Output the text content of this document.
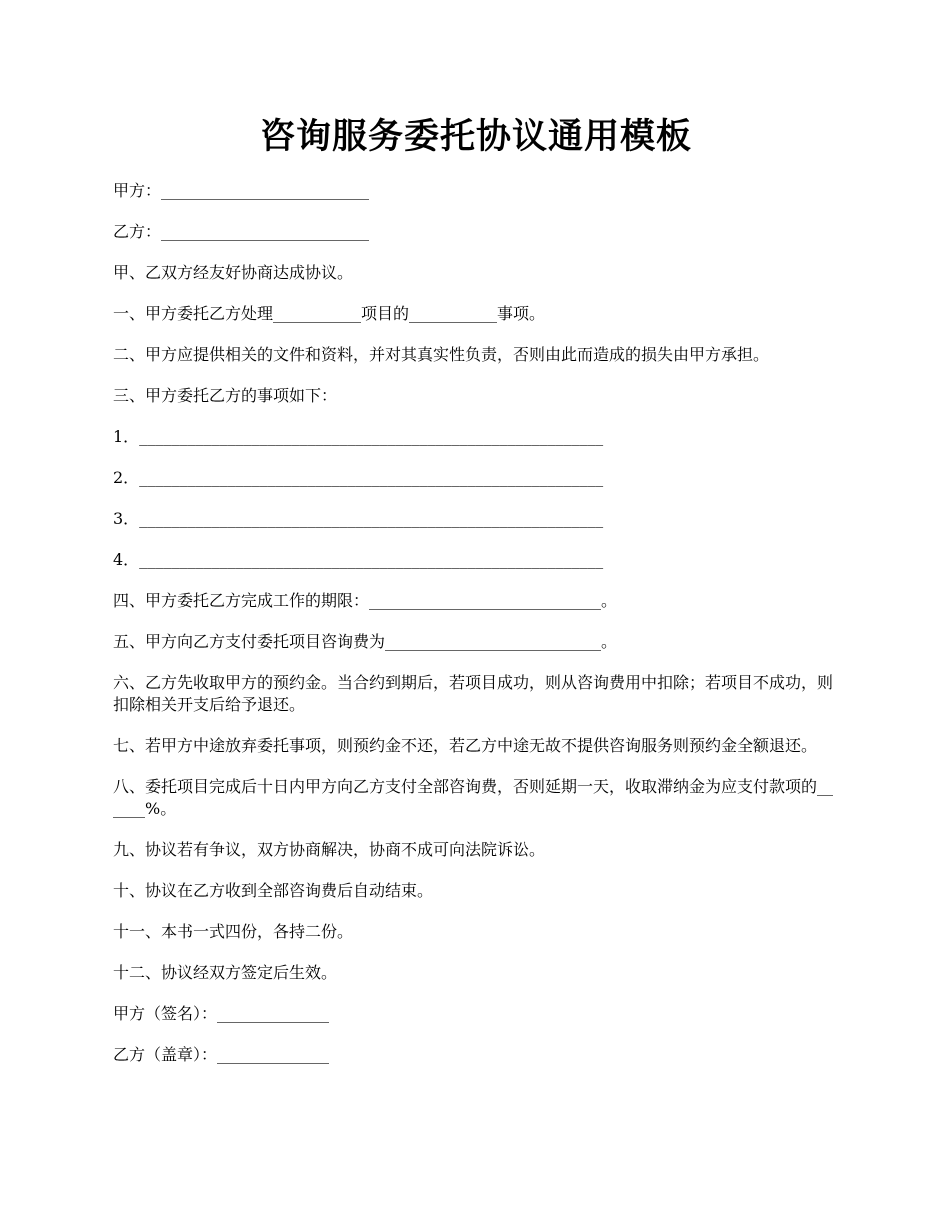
咨询服务委托协议通用模板

甲方：__________________________

乙方：__________________________

甲、乙双方经友好协商达成协议。

一、甲方委托乙方处理___________项目的___________事项。

二、甲方应提供相关的文件和资料，并对其真实性负责，否则由此而造成的损失由甲方承担。

三、甲方委托乙方的事项如下：

1．__________________________________________________________

2．__________________________________________________________

3．__________________________________________________________

4．__________________________________________________________

四、甲方委托乙方完成工作的期限：_____________________________。

五、甲方向乙方支付委托项目咨询费为___________________________。

六、乙方先收取甲方的预约金。当合约到期后，若项目成功，则从咨询费用中扣除；若项目不成功，则扣除相关开支后给予退还。

七、若甲方中途放弃委托事项，则预约金不还，若乙方中途无故不提供咨询服务则预约金全额退还。

八、委托项目完成后十日内甲方向乙方支付全部咨询费，否则延期一天，收取滞纳金为应支付款项的______%。

九、协议若有争议，双方协商解决，协商不成可向法院诉讼。

十、协议在乙方收到全部咨询费后自动结束。

十一、本书一式四份，各持二份。

十二、协议经双方签定后生效。

甲方（签名）：______________

乙方（盖章）：______________
